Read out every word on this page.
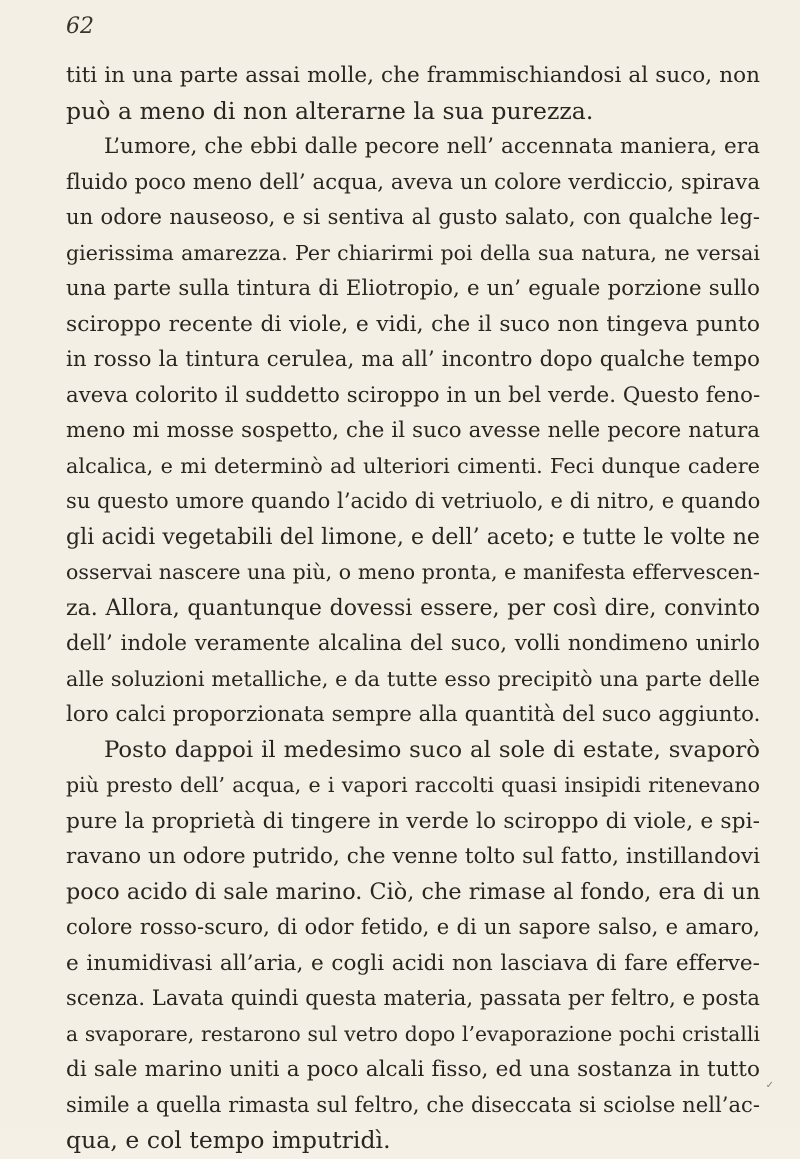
62
titi in una parte assai molle, che frammischiandosi al suco, non
può a meno di non alterarne la sua purezza.
L’umore, che ebbi dalle pecore nell’ accennata maniera, era
fluido poco meno dell’ acqua, aveva un colore verdiccio, spirava
un odore nauseoso, e si sentiva al gusto salato, con qualche leg-
gierissima amarezza. Per chiarirmi poi della sua natura, ne versai
una parte sulla tintura di Eliotropio, e un’ eguale porzione sullo
sciroppo recente di viole, e vidi, che il suco non tingeva punto
in rosso la tintura cerulea, ma all’ incontro dopo qualche tempo
aveva colorito il suddetto sciroppo in un bel verde. Questo feno-
meno mi mosse sospetto, che il suco avesse nelle pecore natura
alcalica, e mi determinò ad ulteriori cimenti. Feci dunque cadere
su questo umore quando l’acido di vetriuolo, e di nitro, e quando
gli acidi vegetabili del limone, e dell’ aceto; e tutte le volte ne
osservai nascere una più, o meno pronta, e manifesta effervescen-
za. Allora, quantunque dovessi essere, per così dire, convinto
dell’ indole veramente alcalina del suco, volli nondimeno unirlo
alle soluzioni metalliche, e da tutte esso precipitò una parte delle
loro calci proporzionata sempre alla quantità del suco aggiunto.
Posto dappoi il medesimo suco al sole di estate, svaporò
più presto dell’ acqua, e i vapori raccolti quasi insipidi ritenevano
pure la proprietà di tingere in verde lo sciroppo di viole, e spi-
ravano un odore putrido, che venne tolto sul fatto, instillandovi
poco acido di sale marino. Ciò, che rimase al fondo, era di un
colore rosso-scuro, di odor fetido, e di un sapore salso, e amaro,
e inumidivasi all’aria, e cogli acidi non lasciava di fare efferve-
scenza. Lavata quindi questa materia, passata per feltro, e posta
a svaporare, restarono sul vetro dopo l’evaporazione pochi cristalli
di sale marino uniti a poco alcali fisso, ed una sostanza in tutto
simile a quella rimasta sul feltro, che diseccata si sciolse nell’ac-
qua, e col tempo imputridì.
✓
